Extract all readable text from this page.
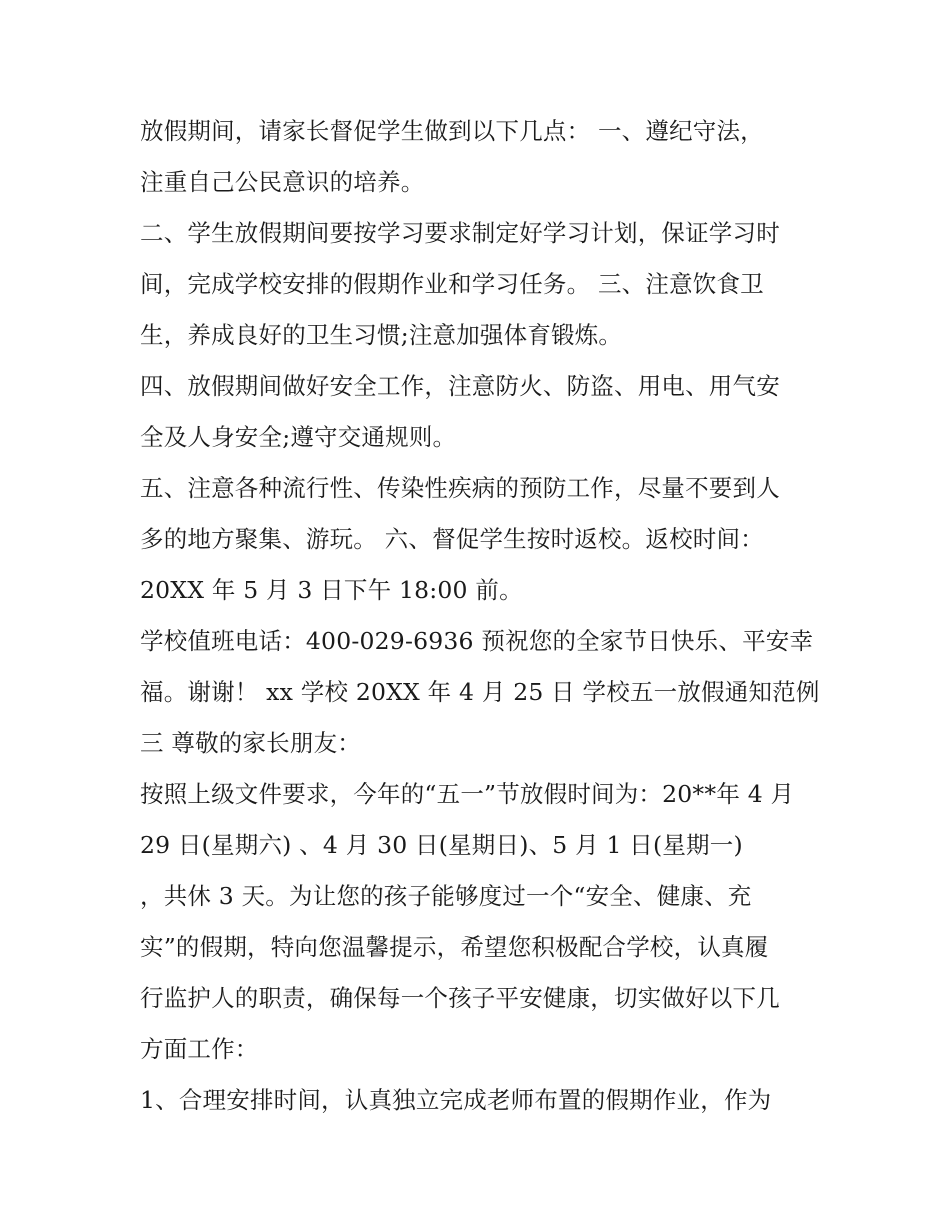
放假期间，请家长督促学生做到以下几点： 一、遵纪守法，
注重自己公民意识的培养。
二、学生放假期间要按学习要求制定好学习计划，保证学习时
间，完成学校安排的假期作业和学习任务。 三、注意饮食卫
生，养成良好的卫生习惯;注意加强体育锻炼。
四、放假期间做好安全工作，注意防火、防盗、用电、用气安
全及人身安全;遵守交通规则。
五、注意各种流行性、传染性疾病的预防工作，尽量不要到人
多的地方聚集、游玩。 六、督促学生按时返校。返校时间：
20XX 年 5 月 3 日下午 18:00 前。
学校值班电话：400-029-6936 预祝您的全家节日快乐、平安幸
福。谢谢！ xx 学校 20XX 年 4 月 25 日 学校五一放假通知范例
三 尊敬的家长朋友：
按照上级文件要求，今年的“五一”节放假时间为：20**年 4 月
29 日(星期六) 、4 月 30 日(星期日)、5 月 1 日(星期一)
，共休 3 天。为让您的孩子能够度过一个“安全、健康、充
实”的假期，特向您温馨提示，希望您积极配合学校，认真履
行监护人的职责，确保每一个孩子平安健康，切实做好以下几
方面工作：
1、合理安排时间，认真独立完成老师布置的假期作业，作为
